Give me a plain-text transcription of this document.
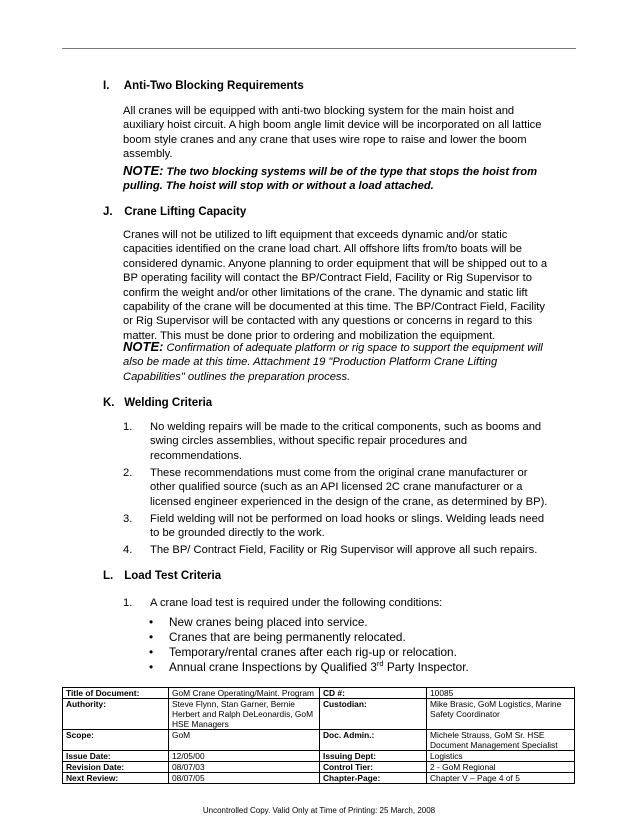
I. Anti-Two Blocking Requirements
All cranes will be equipped with anti-two blocking system for the main hoist and
auxiliary hoist circuit. A high boom angle limit device will be incorporated on all lattice
boom style cranes and any crane that uses wire rope to raise and lower the boom
assembly.
NOTE: The two blocking systems will be of the type that stops the hoist from
pulling. The hoist will stop with or without a load attached.
J. Crane Lifting Capacity
Cranes will not be utilized to lift equipment that exceeds dynamic and/or static
capacities identified on the crane load chart. All offshore lifts from/to boats will be
considered dynamic. Anyone planning to order equipment that will be shipped out to a
BP operating facility will contact the BP/Contract Field, Facility or Rig Supervisor to
confirm the weight and/or other limitations of the crane. The dynamic and static lift
capability of the crane will be documented at this time. The BP/Contract Field, Facility
or Rig Supervisor will be contacted with any questions or concerns in regard to this
matter. This must be done prior to ordering and mobilization the equipment.
NOTE: Confirmation of adequate platform or rig space to support the equipment will
also be made at this time. Attachment 19 "Production Platform Crane Lifting
Capabilities" outlines the preparation process.
K. Welding Criteria
1. No welding repairs will be made to the critical components, such as booms and
swing circles assemblies, without specific repair procedures and
recommendations.
2. These recommendations must come from the original crane manufacturer or
other qualified source (such as an API licensed 2C crane manufacturer or a
licensed engineer experienced in the design of the crane, as determined by BP).
3. Field welding will not be performed on load hooks or slings. Welding leads need
to be grounded directly to the work.
4. The BP/ Contract Field, Facility or Rig Supervisor will approve all such repairs.
L. Load Test Criteria
1. A crane load test is required under the following conditions:
• New cranes being placed into service.
• Cranes that are being permanently relocated.
• Temporary/rental cranes after each rig-up or relocation.
• Annual crane Inspections by Qualified 3rd Party Inspector.
Title of Document:	GoM Crane Operating/Maint. Program	CD #:	10085
Authority:	Steve Flynn, Stan Garner, Bernie Herbert and Ralph DeLeonardis, GoM HSE Managers	Custodian:	Mike Brasic, GoM Logistics, Marine Safety Coordinator
Scope:	GoM	Doc. Admin.:	Michele Strauss, GoM Sr. HSE Document Management Specialist
Issue Date:	12/05/00	Issuing Dept:	Logistics
Revision Date:	08/07/03	Control Tier:	2 - GoM Regional
Next Review:	08/07/05	Chapter-Page:	Chapter V – Page 4 of 5
Uncontrolled Copy. Valid Only at Time of Printing: 25 March, 2008
